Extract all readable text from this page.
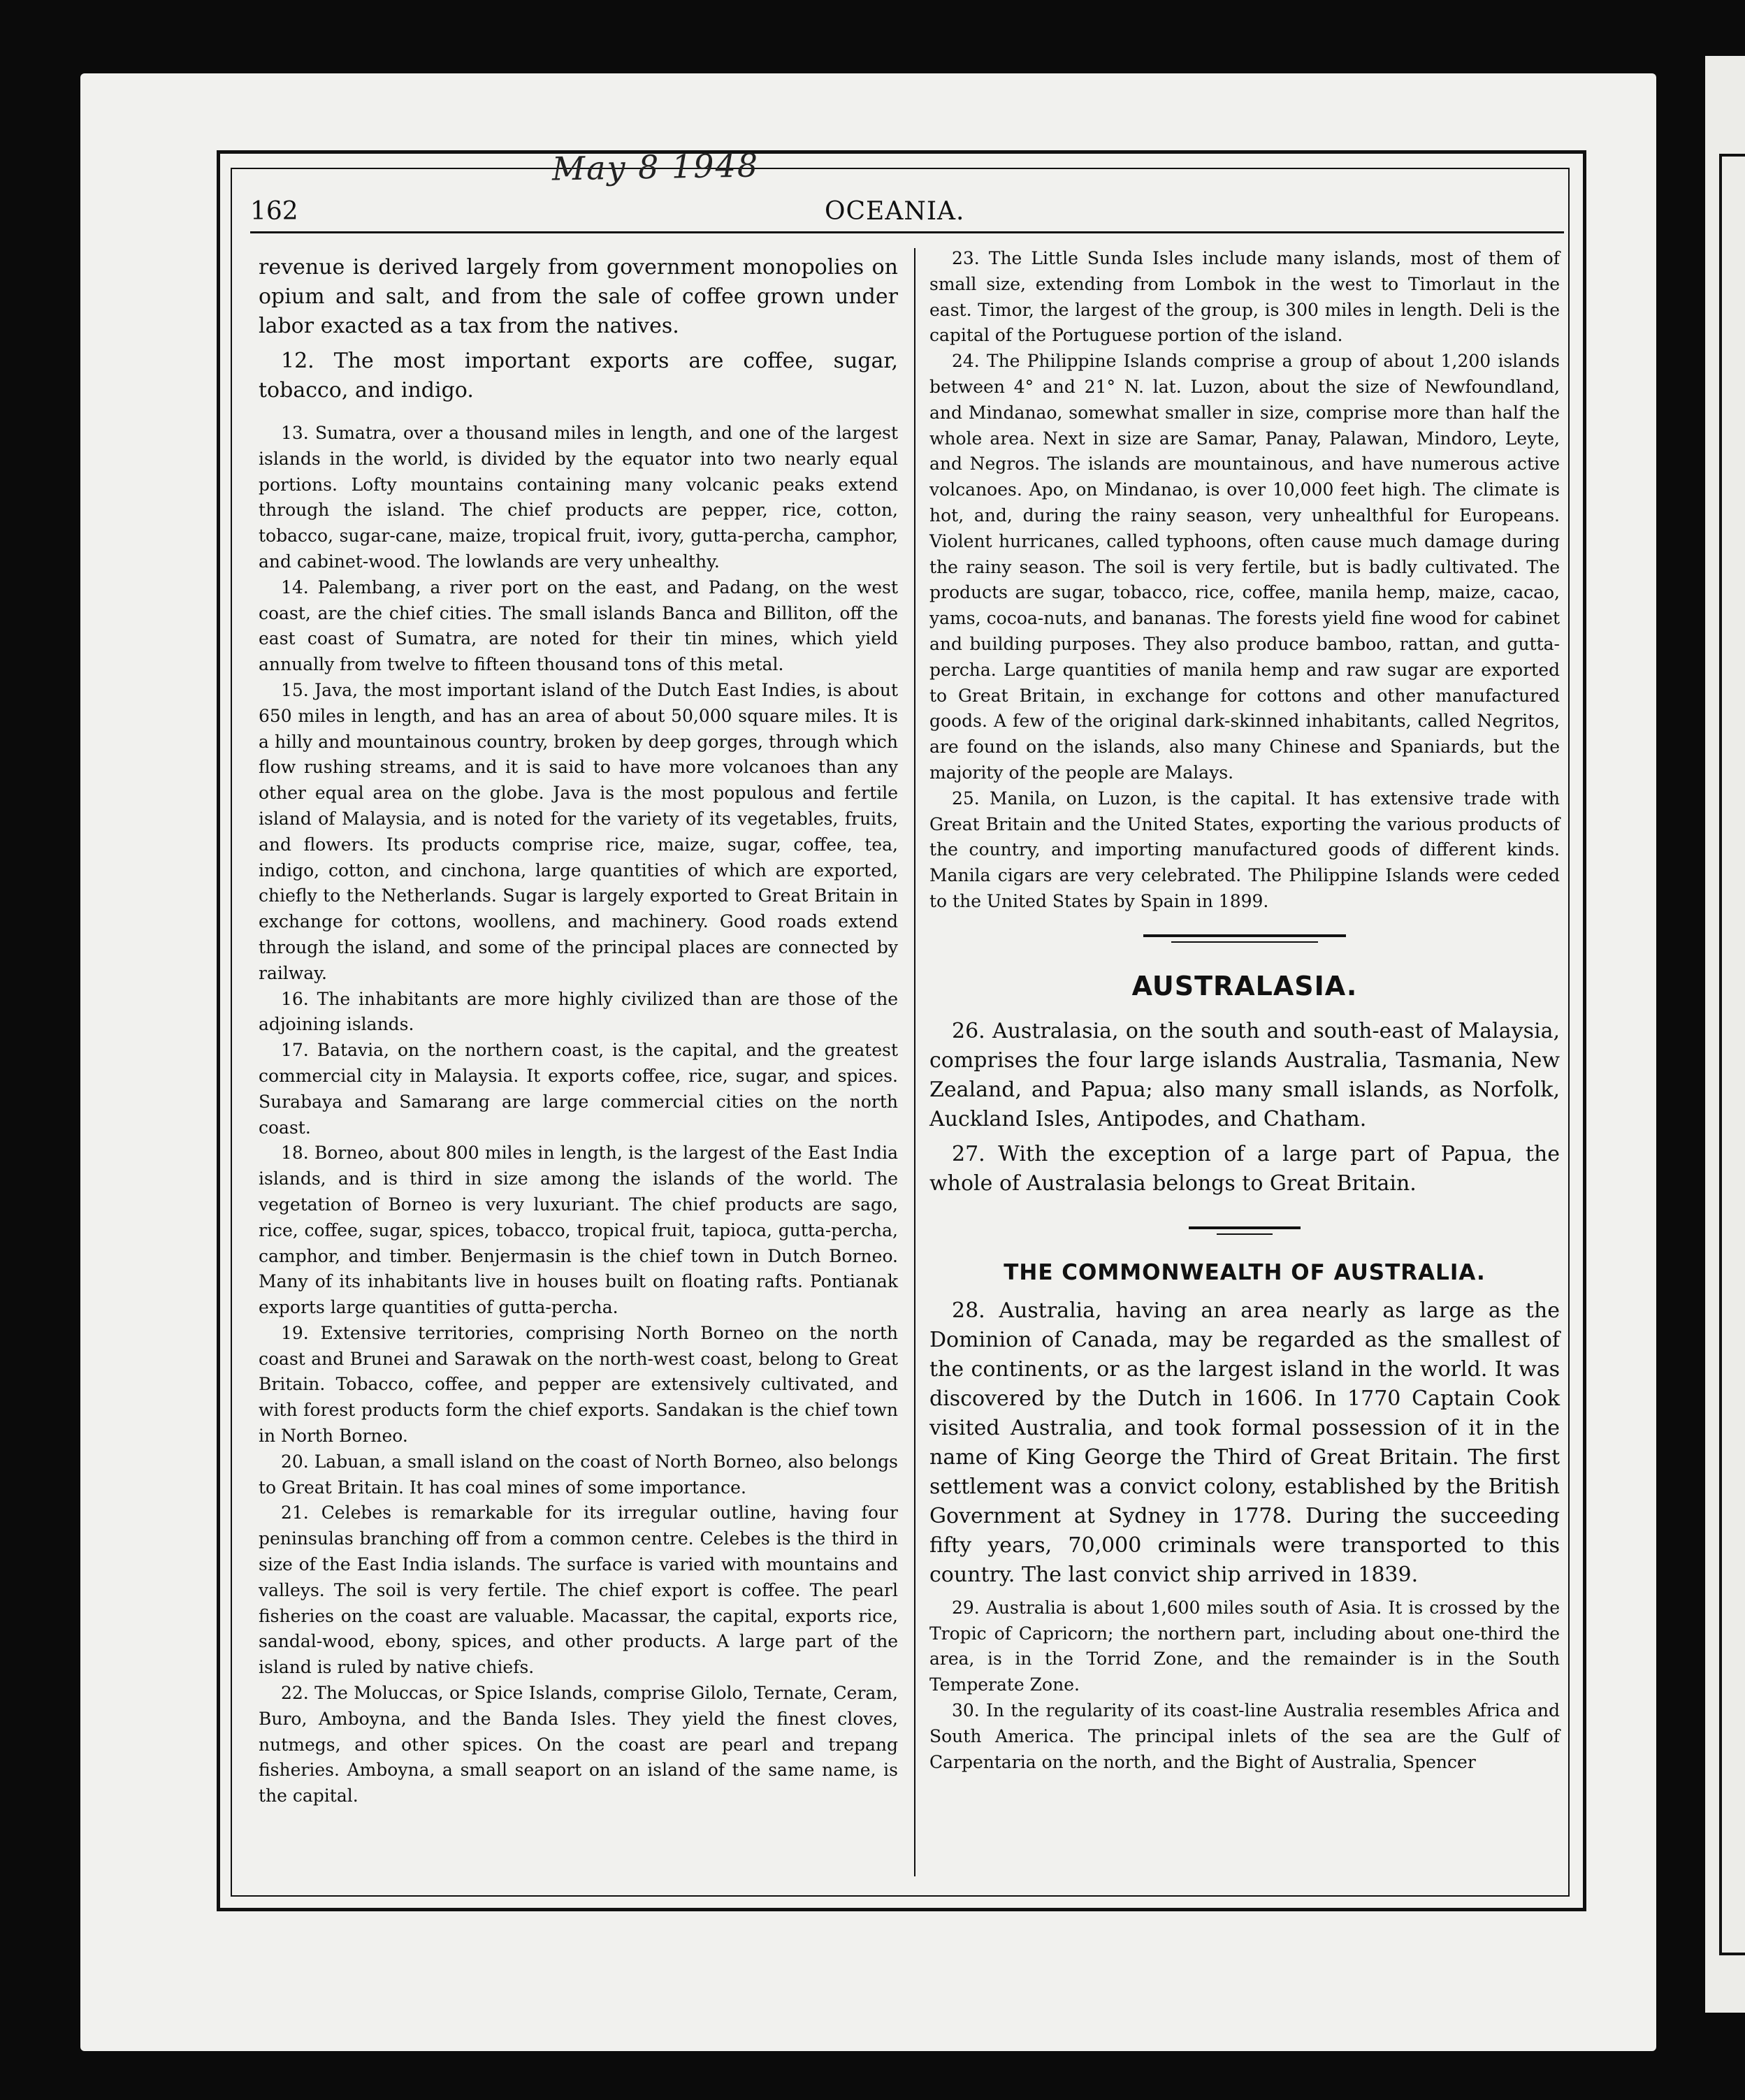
May 8 1948
162	OCEANIA.

revenue is derived largely from government monopolies on opium and salt, and from the sale of coffee grown under labor exacted as a tax from the natives.

12. The most important exports are coffee, sugar, tobacco, and indigo.

13. Sumatra, over a thousand miles in length, and one of the largest islands in the world, is divided by the equator into two nearly equal portions. Lofty mountains containing many volcanic peaks extend through the island. The chief products are pepper, rice, cotton, tobacco, sugar-cane, maize, tropical fruit, ivory, gutta-percha, camphor, and cabinet-wood. The lowlands are very unhealthy.

14. Palembang, a river port on the east, and Padang, on the west coast, are the chief cities. The small islands Banca and Billiton, off the east coast of Sumatra, are noted for their tin mines, which yield annually from twelve to fifteen thousand tons of this metal.

15. Java, the most important island of the Dutch East Indies, is about 650 miles in length, and has an area of about 50,000 square miles. It is a hilly and mountainous country, broken by deep gorges, through which flow rushing streams, and it is said to have more volcanoes than any other equal area on the globe. Java is the most populous and fertile island of Malaysia, and is noted for the variety of its vegetables, fruits, and flowers. Its products comprise rice, maize, sugar, coffee, tea, indigo, cotton, and cinchona, large quantities of which are exported, chiefly to the Netherlands. Sugar is largely exported to Great Britain in exchange for cottons, woollens, and machinery. Good roads extend through the island, and some of the principal places are connected by railway.

16. The inhabitants are more highly civilized than are those of the adjoining islands.

17. Batavia, on the northern coast, is the capital, and the greatest commercial city in Malaysia. It exports coffee, rice, sugar, and spices. Surabaya and Samarang are large commercial cities on the north coast.

18. Borneo, about 800 miles in length, is the largest of the East India islands, and is third in size among the islands of the world. The vegetation of Borneo is very luxuriant. The chief products are sago, rice, coffee, sugar, spices, tobacco, tropical fruit, tapioca, gutta-percha, camphor, and timber. Benjermasin is the chief town in Dutch Borneo. Many of its inhabitants live in houses built on floating rafts. Pontianak exports large quantities of gutta-percha.

19. Extensive territories, comprising North Borneo on the north coast and Brunei and Sarawak on the north-west coast, belong to Great Britain. Tobacco, coffee, and pepper are extensively cultivated, and with forest products form the chief exports. Sandakan is the chief town in North Borneo.

20. Labuan, a small island on the coast of North Borneo, also belongs to Great Britain. It has coal mines of some importance.

21. Celebes is remarkable for its irregular outline, having four peninsulas branching off from a common centre. Celebes is the third in size of the East India islands. The surface is varied with mountains and valleys. The soil is very fertile. The chief export is coffee. The pearl fisheries on the coast are valuable. Macassar, the capital, exports rice, sandal-wood, ebony, spices, and other products. A large part of the island is ruled by native chiefs.

22. The Moluccas, or Spice Islands, comprise Gilolo, Ternate, Ceram, Buro, Amboyna, and the Banda Isles. They yield the finest cloves, nutmegs, and other spices. On the coast are pearl and trepang fisheries. Amboyna, a small seaport on an island of the same name, is the capital.

23. The Little Sunda Isles include many islands, most of them of small size, extending from Lombok in the west to Timorlaut in the east. Timor, the largest of the group, is 300 miles in length. Deli is the capital of the Portuguese portion of the island.

24. The Philippine Islands comprise a group of about 1,200 islands between 4° and 21° N. lat. Luzon, about the size of Newfoundland, and Mindanao, somewhat smaller in size, comprise more than half the whole area. Next in size are Samar, Panay, Palawan, Mindoro, Leyte, and Negros. The islands are mountainous, and have numerous active volcanoes. Apo, on Mindanao, is over 10,000 feet high. The climate is hot, and, during the rainy season, very unhealthful for Europeans. Violent hurricanes, called typhoons, often cause much damage during the rainy season. The soil is very fertile, but is badly cultivated. The products are sugar, tobacco, rice, coffee, manila hemp, maize, cacao, yams, cocoa-nuts, and bananas. The forests yield fine wood for cabinet and building purposes. They also produce bamboo, rattan, and gutta-percha. Large quantities of manila hemp and raw sugar are exported to Great Britain, in exchange for cottons and other manufactured goods. A few of the original dark-skinned inhabitants, called Negritos, are found on the islands, also many Chinese and Spaniards, but the majority of the people are Malays.

25. Manila, on Luzon, is the capital. It has extensive trade with Great Britain and the United States, exporting the various products of the country, and importing manufactured goods of different kinds. Manila cigars are very celebrated. The Philippine Islands were ceded to the United States by Spain in 1899.

AUSTRALASIA.

26. Australasia, on the south and south-east of Malaysia, comprises the four large islands Australia, Tasmania, New Zealand, and Papua; also many small islands, as Norfolk, Auckland Isles, Antipodes, and Chatham.

27. With the exception of a large part of Papua, the whole of Australasia belongs to Great Britain.

THE COMMONWEALTH OF AUSTRALIA.

28. Australia, having an area nearly as large as the Dominion of Canada, may be regarded as the smallest of the continents, or as the largest island in the world. It was discovered by the Dutch in 1606. In 1770 Captain Cook visited Australia, and took formal possession of it in the name of King George the Third of Great Britain. The first settlement was a convict colony, established by the British Government at Sydney in 1778. During the succeeding fifty years, 70,000 criminals were transported to this country. The last convict ship arrived in 1839.

29. Australia is about 1,600 miles south of Asia. It is crossed by the Tropic of Capricorn; the northern part, including about one-third the area, is in the Torrid Zone, and the remainder is in the South Temperate Zone.

30. In the regularity of its coast-line Australia resembles Africa and South America. The principal inlets of the sea are the Gulf of Carpentaria on the north, and the Bight of Australia, Spencer
